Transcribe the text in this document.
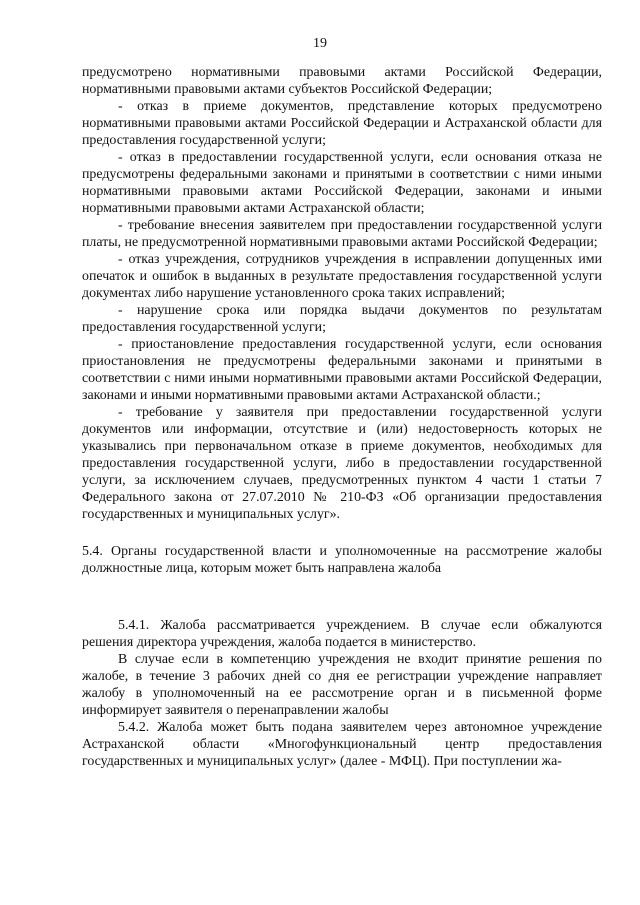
19

предусмотрено нормативными правовыми актами Российской Федерации, нормативными правовыми актами субъектов Российской Федерации;

- отказ в приеме документов, представление которых предусмотрено нормативными правовыми актами Российской Федерации и Астраханской области для предоставления государственной услуги;

- отказ в предоставлении государственной услуги, если основания отказа не предусмотрены федеральными законами и принятыми в соответствии с ними иными нормативными правовыми актами Российской Федерации, законами и иными нормативными правовыми актами Астраханской области;

- требование внесения заявителем при предоставлении государственной услуги платы, не предусмотренной нормативными правовыми актами Российской Федерации;

- отказ учреждения, сотрудников учреждения в исправлении допущенных ими опечаток и ошибок в выданных в результате предоставления государственной услуги документах либо нарушение установленного срока таких исправлений;

- нарушение срока или порядка выдачи документов по результатам предоставления государственной услуги;

- приостановление предоставления государственной услуги, если основания приостановления не предусмотрены федеральными законами и принятыми в соответствии с ними иными нормативными правовыми актами Российской Федерации, законами и иными нормативными правовыми актами Астраханской области.;

- требование у заявителя при предоставлении государственной услуги документов или информации, отсутствие и (или) недостоверность которых не указывались при первоначальном отказе в приеме документов, необходимых для предоставления государственной услуги, либо в предоставлении государственной услуги, за исключением случаев, предусмотренных пунктом 4 части 1 статьи 7 Федерального закона от 27.07.2010 № 210-ФЗ «Об организации предоставления государственных и муниципальных услуг».

5.4. Органы государственной власти и уполномоченные на рассмотрение жалобы должностные лица, которым может быть направлена жалоба

5.4.1. Жалоба рассматривается учреждением. В случае если обжалуются решения директора учреждения, жалоба подается в министерство.

В случае если в компетенцию учреждения не входит принятие решения по жалобе, в течение 3 рабочих дней со дня ее регистрации учреждение направляет жалобу в уполномоченный на ее рассмотрение орган и в письменной форме информирует заявителя о перенаправлении жалобы

5.4.2. Жалоба может быть подана заявителем через автономное учреждение Астраханской области «Многофункциональный центр предоставления государственных и муниципальных услуг» (далее - МФЦ). При поступлении жа-
